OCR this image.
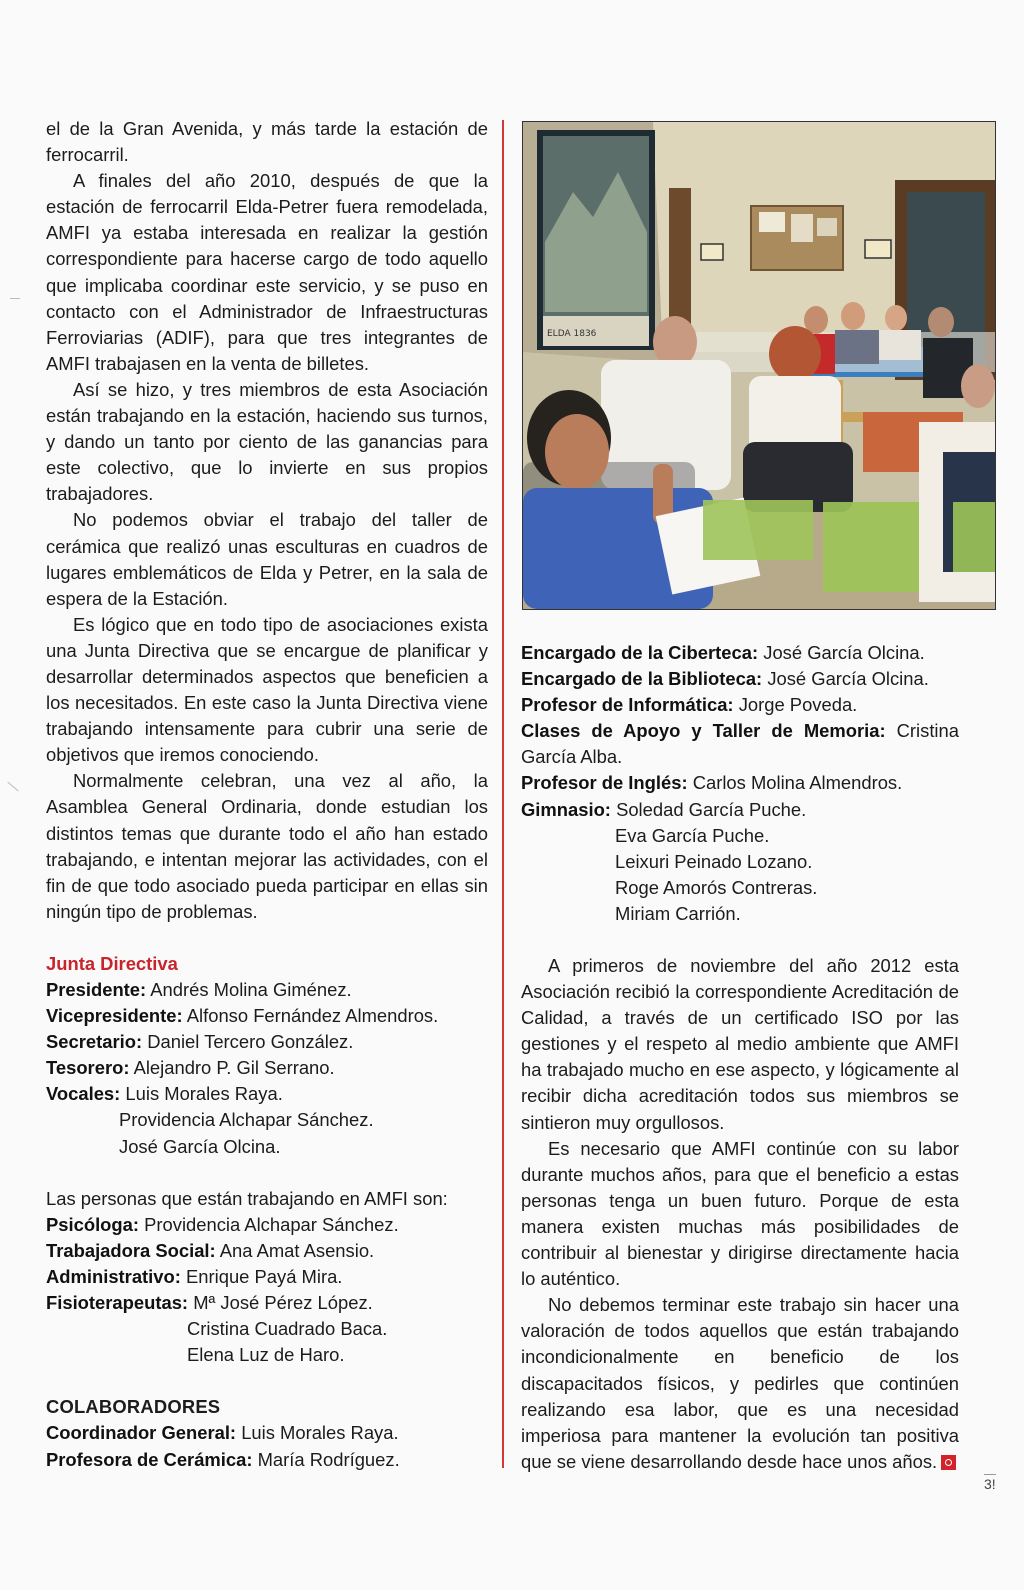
el de la Gran Avenida, y más tarde la estación de ferrocarril.

A finales del año 2010, después de que la estación de ferrocarril Elda-Petrer fuera remodelada, AMFI ya estaba interesada en realizar la gestión correspondiente para hacerse cargo de todo aquello que implicaba coordinar este servicio, y se puso en contacto con el Administrador de Infraestructuras Ferroviarias (ADIF), para que tres integrantes de AMFI trabajasen en la venta de billetes.

Así se hizo, y tres miembros de esta Asociación están trabajando en la estación, haciendo sus turnos, y dando un tanto por ciento de las ganancias para este colectivo, que lo invierte en sus propios trabajadores.

No podemos obviar el trabajo del taller de cerámica que realizó unas esculturas en cuadros de lugares emblemáticos de Elda y Petrer, en la sala de espera de la Estación.

Es lógico que en todo tipo de asociaciones exista una Junta Directiva que se encargue de planificar y desarrollar determinados aspectos que beneficien a los necesitados. En este caso la Junta Directiva viene trabajando intensamente para cubrir una serie de objetivos que iremos conociendo.

Normalmente celebran, una vez al año, la Asamblea General Ordinaria, donde estudian los distintos temas que durante todo el año han estado trabajando, e intentan mejorar las actividades, con el fin de que todo asociado pueda participar en ellas sin ningún tipo de problemas.

Junta Directiva

Presidente: Andrés Molina Giménez.

Vicepresidente: Alfonso Fernández Almendros.

Secretario: Daniel Tercero González.

Tesorero: Alejandro P. Gil Serrano.

Vocales: Luis Morales Raya.

Providencia Alchapar Sánchez.

José García Olcina.

Las personas que están trabajando en AMFI son:

Psicóloga: Providencia Alchapar Sánchez.

Trabajadora Social: Ana Amat Asensio.

Administrativo: Enrique Payá Mira.

Fisioterapeutas: Mª José Pérez López.

Cristina Cuadrado Baca.

Elena Luz de Haro.

COLABORADORES

Coordinador General: Luis Morales Raya.

Profesora de Cerámica: María Rodríguez.

ELDA 1836

Encargado de la Ciberteca: José García Olcina.

Encargado de la Biblioteca: José García Olcina.

Profesor de Informática: Jorge Poveda.

Clases de Apoyo y Taller de Memoria: Cristina García Alba.

Profesor de Inglés: Carlos Molina Almendros.

Gimnasio: Soledad García Puche.

Eva García Puche.

Leixuri Peinado Lozano.

Roge Amorós Contreras.

Miriam Carrión.

A primeros de noviembre del año 2012 esta Asociación recibió la correspondiente Acreditación de Calidad, a través de un certificado ISO por las gestiones y el respeto al medio ambiente que AMFI ha trabajado mucho en ese aspecto, y lógicamente al recibir dicha acreditación todos sus miembros se sintieron muy orgullosos.

Es necesario que AMFI continúe con su labor durante muchos años, para que el beneficio a estas personas tenga un buen futuro. Porque de esta manera existen muchas más posibilidades de contribuir al bienestar y dirigirse directamente hacia lo auténtico.

No debemos terminar este trabajo sin hacer una valoración de todos aquellos que están trabajando incondicionalmente en beneficio de los discapacitados físicos, y pedirles que continúen realizando esa labor, que es una necesidad imperiosa para mantener la evolución tan positiva que se viene desarrollando desde hace unos años.

3!
